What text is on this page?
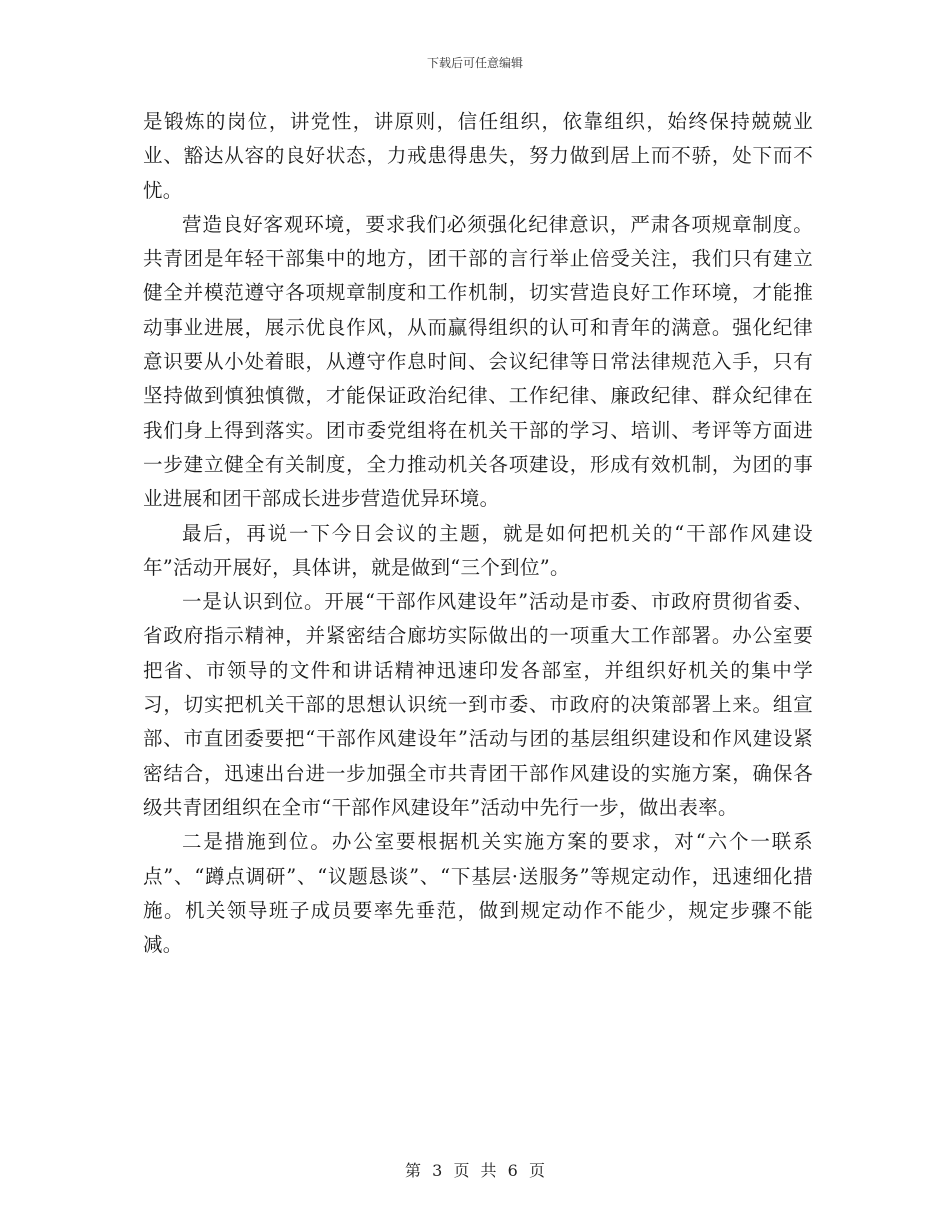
下载后可任意编辑

是锻炼的岗位，讲党性，讲原则，信任组织，依靠组织，始终保持兢兢业业、豁达从容的良好状态，力戒患得患失，努力做到居上而不骄，处下而不忧。

营造良好客观环境，要求我们必须强化纪律意识，严肃各项规章制度。共青团是年轻干部集中的地方，团干部的言行举止倍受关注，我们只有建立健全并模范遵守各项规章制度和工作机制，切实营造良好工作环境，才能推动事业进展，展示优良作风，从而赢得组织的认可和青年的满意。强化纪律意识要从小处着眼，从遵守作息时间、会议纪律等日常法律规范入手，只有坚持做到慎独慎微，才能保证政治纪律、工作纪律、廉政纪律、群众纪律在我们身上得到落实。团市委党组将在机关干部的学习、培训、考评等方面进一步建立健全有关制度，全力推动机关各项建设，形成有效机制，为团的事业进展和团干部成长进步营造优异环境。

最后，再说一下今日会议的主题，就是如何把机关的“干部作风建设年”活动开展好，具体讲，就是做到“三个到位”。

一是认识到位。开展“干部作风建设年”活动是市委、市政府贯彻省委、省政府指示精神，并紧密结合廊坊实际做出的一项重大工作部署。办公室要把省、市领导的文件和讲话精神迅速印发各部室，并组织好机关的集中学习，切实把机关干部的思想认识统一到市委、市政府的决策部署上来。组宣部、市直团委要把“干部作风建设年”活动与团的基层组织建设和作风建设紧密结合，迅速出台进一步加强全市共青团干部作风建设的实施方案，确保各级共青团组织在全市“干部作风建设年”活动中先行一步，做出表率。

二是措施到位。办公室要根据机关实施方案的要求，对“六个一联系点”、“蹲点调研”、“议题恳谈”、“下基层·送服务”等规定动作，迅速细化措施。机关领导班子成员要率先垂范，做到规定动作不能少，规定步骤不能减。

第 3 页 共 6 页
